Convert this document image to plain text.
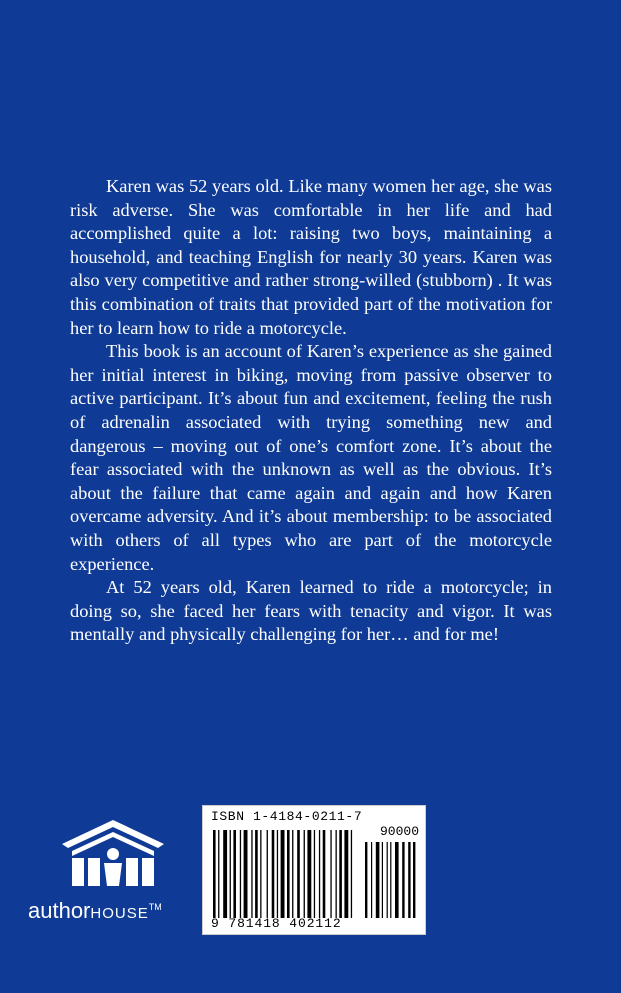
Karen was 52 years old. Like many women her age, she was risk adverse. She was comfortable in her life and had accomplished quite a lot: raising two boys, maintaining a household, and teaching English for nearly 30 years. Karen was also very competitive and rather strong-willed (stubborn) . It was this combination of traits that provided part of the motivation for her to learn how to ride a motorcycle.

This book is an account of Karen’s experience as she gained her initial interest in biking, moving from passive observer to active participant. It’s about fun and excitement, feeling the rush of adrenalin associated with trying something new and dangerous – moving out of one’s comfort zone. It’s about the fear associated with the unknown as well as the obvious. It’s about the failure that came again and again and how Karen overcame adversity. And it’s about membership: to be associated with others of all types who are part of the motorcycle experience.

At 52 years old, Karen learned to ride a motorcycle; in doing so, she faced her fears with tenacity and vigor. It was mentally and physically challenging for her… and for me!

authorHOUSE™
ISBN 1-4184-0211-7
90000
9 781418 402112
